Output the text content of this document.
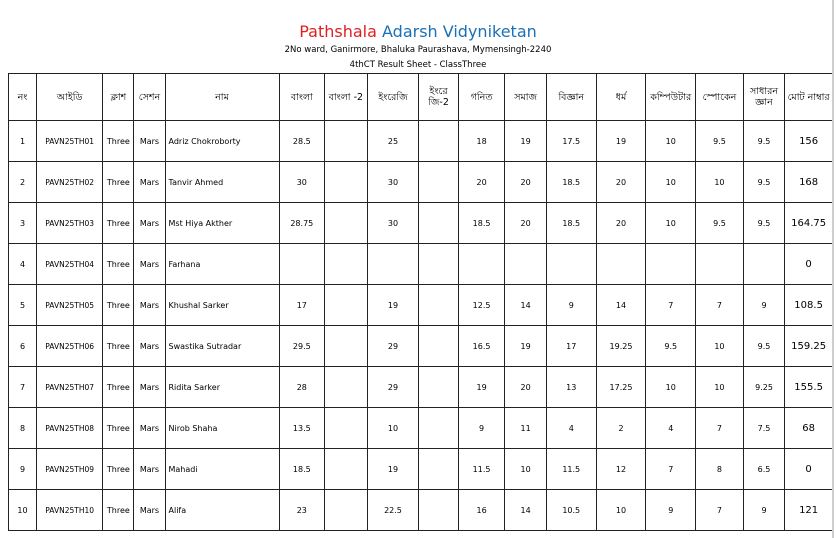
Pathshala Adarsh Vidyniketan
2No ward, Ganirmore, Bhaluka Paurashava, Mymensingh-2240
4thCT Result Sheet - ClassThree
নং	আইডি	ক্লাশ	সেশন	নাম	বাংলা	বাংলা -2	ইংরেজি	ইংরে জি-2	গনিত	সমাজ	বিজ্ঞান	ধর্ম	কম্পিউটার	স্পোকেন	সাধারন জ্ঞান	মোট নাম্বার
1	PAVN25TH01	Three	Mars	Adriz Chokroborty	28.5		25		18	19	17.5	19	10	9.5	9.5	156
2	PAVN25TH02	Three	Mars	Tanvir Ahmed	30		30		20	20	18.5	20	10	10	9.5	168
3	PAVN25TH03	Three	Mars	Mst Hiya Akther	28.75		30		18.5	20	18.5	20	10	9.5	9.5	164.75
4	PAVN25TH04	Three	Mars	Farhana												0
5	PAVN25TH05	Three	Mars	Khushal Sarker	17		19		12.5	14	9	14	7	7	9	108.5
6	PAVN25TH06	Three	Mars	Swastika Sutradar	29.5		29		16.5	19	17	19.25	9.5	10	9.5	159.25
7	PAVN25TH07	Three	Mars	Ridita Sarker	28		29		19	20	13	17.25	10	10	9.25	155.5
8	PAVN25TH08	Three	Mars	Nirob Shaha	13.5		10		9	11	4	2	4	7	7.5	68
9	PAVN25TH09	Three	Mars	Mahadi	18.5		19		11.5	10	11.5	12	7	8	6.5	0
10	PAVN25TH10	Three	Mars	Alifa	23		22.5		16	14	10.5	10	9	7	9	121
